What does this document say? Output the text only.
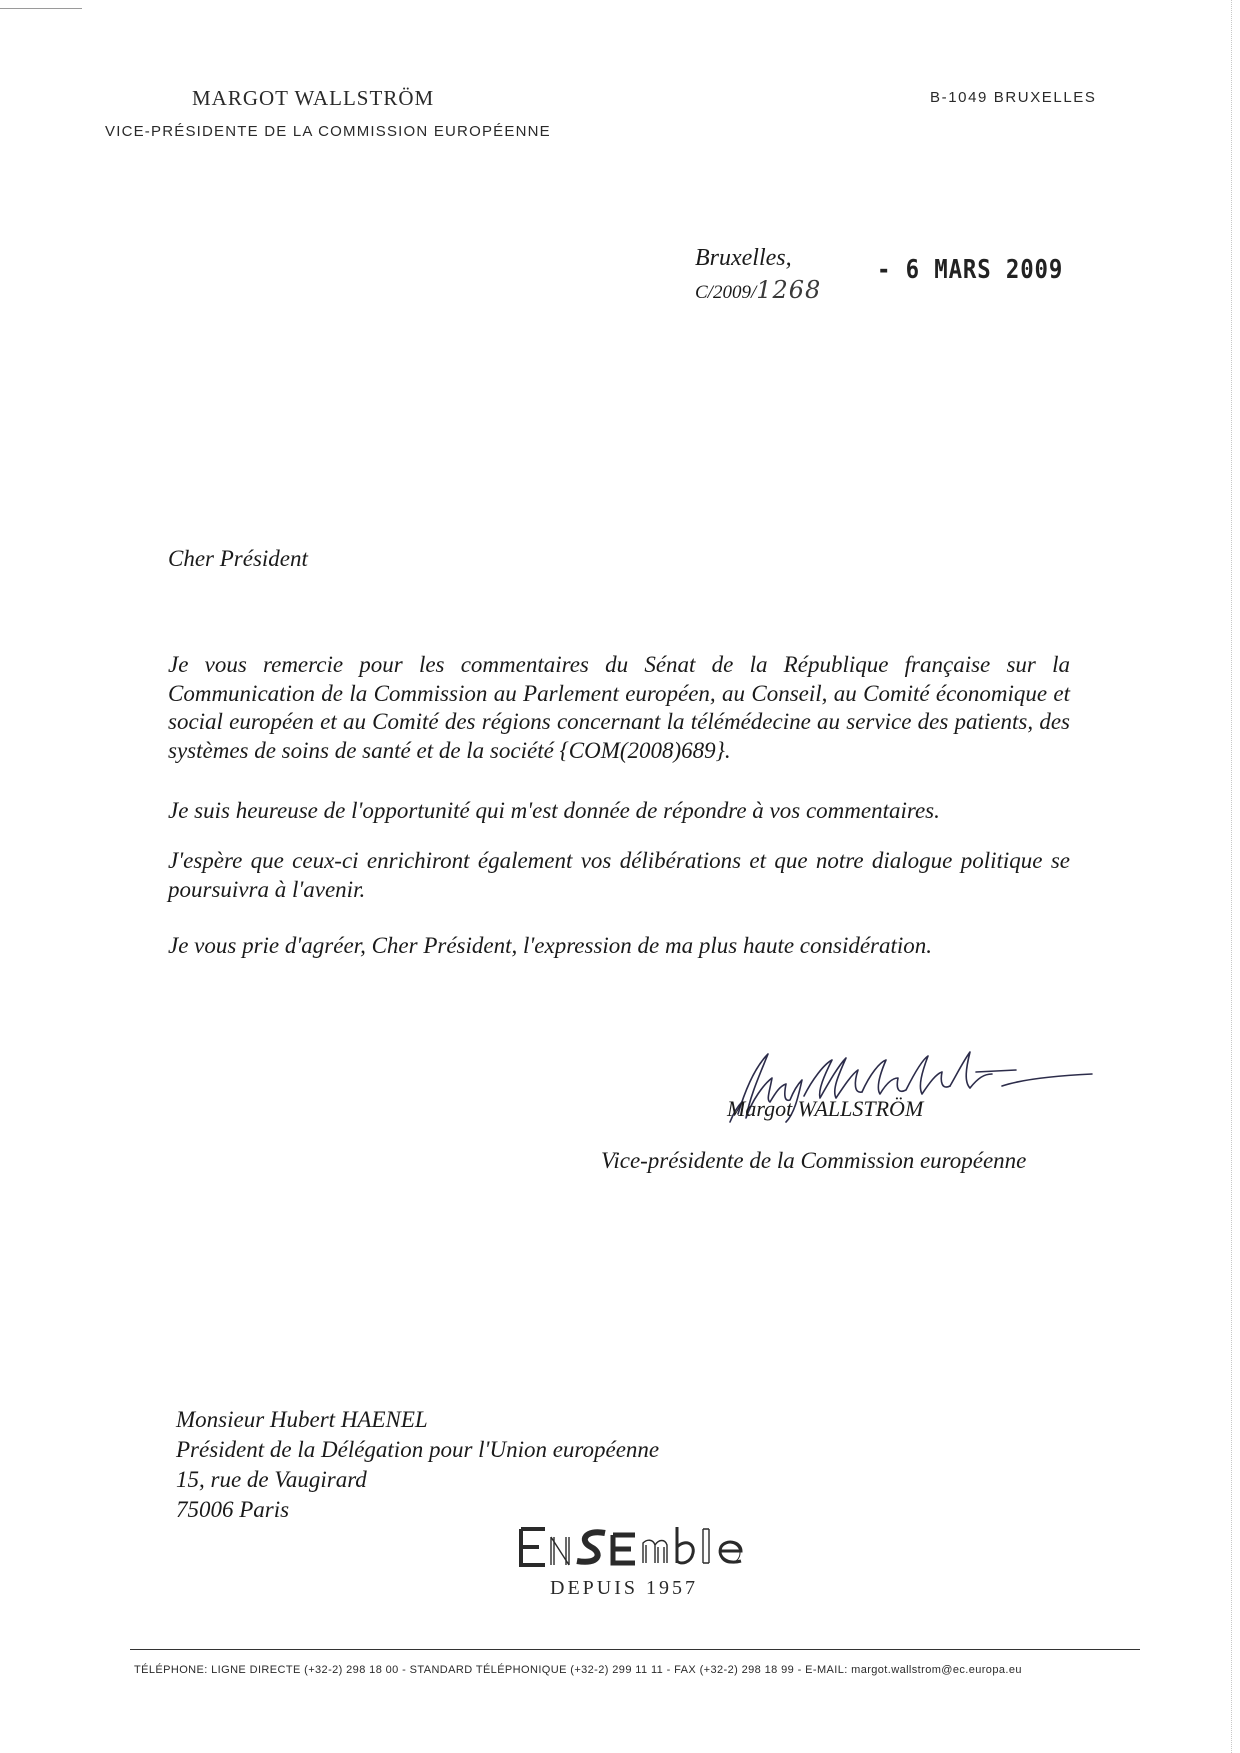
MARGOT WALLSTRÖM
VICE-PRÉSIDENTE DE LA COMMISSION EUROPÉENNE
B-1049 BRUXELLES
Bruxelles,
C/2009/1268
- 6 MARS 2009
Cher Président

Je vous remercie pour les commentaires du Sénat de la République française sur la Communication de la Commission au Parlement européen, au Conseil, au Comité économique et social européen et au Comité des régions concernant la télémédecine au service des patients, des systèmes de soins de santé et de la société {COM(2008)689}.

Je suis heureuse de l'opportunité qui m'est donnée de répondre à vos commentaires.

J'espère que ceux-ci enrichiront également vos délibérations et que notre dialogue politique se poursuivra à l'avenir.

Je vous prie d'agréer, Cher Président, l'expression de ma plus haute considération.

Margot WALLSTRÖM
Vice-présidente de la Commission européenne
Monsieur Hubert HAENEL
Président de la Délégation pour l'Union européenne
15, rue de Vaugirard
75006 Paris
DEPUIS 1957
TÉLÉPHONE: LIGNE DIRECTE (+32-2) 298 18 00 - STANDARD TÉLÉPHONIQUE (+32-2) 299 11 11 - FAX (+32-2) 298 18 99 - E-MAIL: margot.wallstrom@ec.europa.eu
